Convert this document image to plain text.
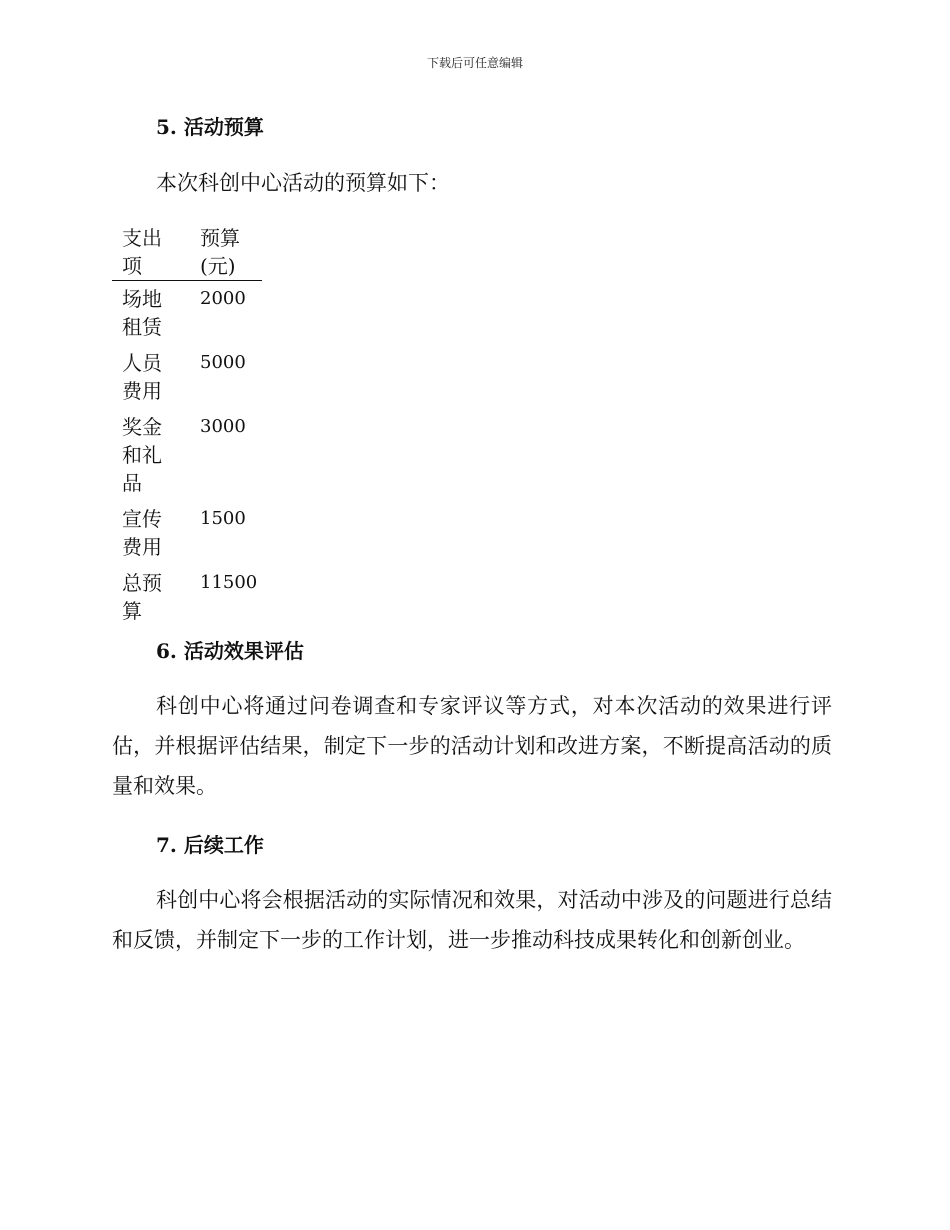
下载后可任意编辑
5. 活动预算
本次科创中心活动的预算如下：
支出项	预算(元)
场地租赁	2000
人员费用	5000
奖金和礼品	3000
宣传费用	1500
总预算	11500
6. 活动效果评估

科创中心将通过问卷调查和专家评议等方式，对本次活动的效果进行评估，并根据评估结果，制定下一步的活动计划和改进方案，不断提高活动的质量和效果。

7. 后续工作

科创中心将会根据活动的实际情况和效果，对活动中涉及的问题进行总结和反馈，并制定下一步的工作计划，进一步推动科技成果转化和创新创业。
